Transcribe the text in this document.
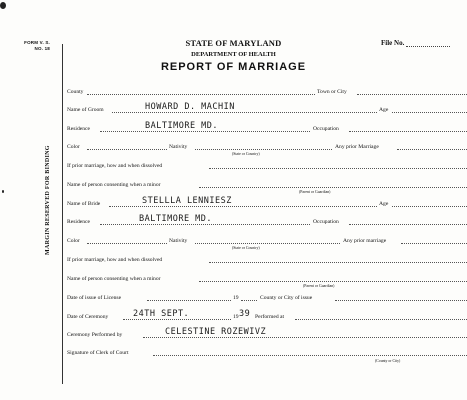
FORM V. S.
NO. 18
MARGIN RESERVED FOR BINDING
STATE OF MARYLAND
DEPARTMENT OF HEALTH
REPORT OF MARRIAGE
File No.
County	Town or City
Name of Groom	HOWARD D. MACHIN	Age
Residence	BALTIMORE MD.	Occupation
Color	Nativity	Any prior Marriage
(State or Country)
If prior marriage, how and when dissolved
Name of person consenting when a minor
(Parent or Guardian)
Name of Bride	STELLLA LENNIESZ	Age
Residence	BALTIMORE MD.	Occupation
Color	Nativity	Any prior marriage
(State or Country)
If prior marriage, how and when dissolved
Name of person consenting when a minor
(Parent or Guardian)
Date of issue of License	19	County or City of issue
Date of Ceremony	24TH SEPT.	19 39 Performed at
Ceremony Performed by	CELESTINE ROZEWIVZ
Signature of Clerk of Court
(County or City)
